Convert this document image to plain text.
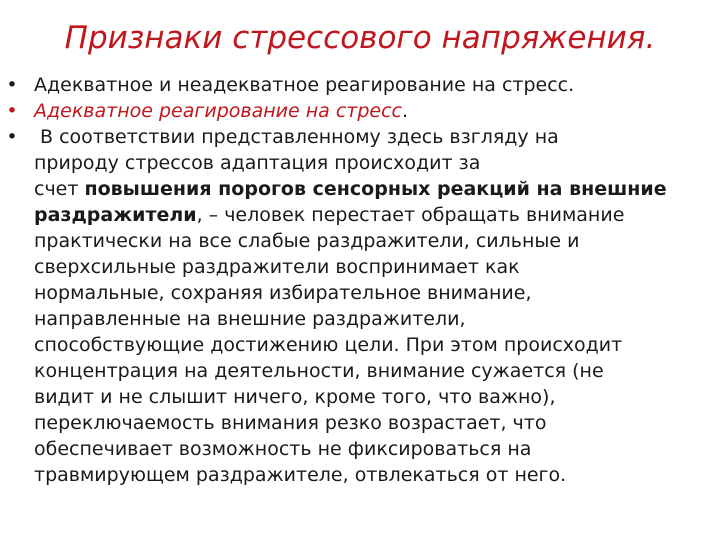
Признаки стрессового напряжения.
• Адекватное и неадекватное реагирование на стресс.
• Адекватное реагирование на стресс.
•	В соответствии представленному здесь взгляду на
природу стрессов адаптация происходит за
счет повышения порогов сенсорных реакций на внешние
раздражители, – человек перестает обращать внимание
практически на все слабые раздражители, сильные и
сверхсильные раздражители воспринимает как
нормальные, сохраняя избирательное внимание,
направленные на внешние раздражители,
способствующие достижению цели. При этом происходит
концентрация на деятельности, внимание сужается (не
видит и не слышит ничего, кроме того, что важно),
переключаемость внимания резко возрастает, что
обеспечивает возможность не фиксироваться на
травмирующем раздражителе, отвлекаться от него.
